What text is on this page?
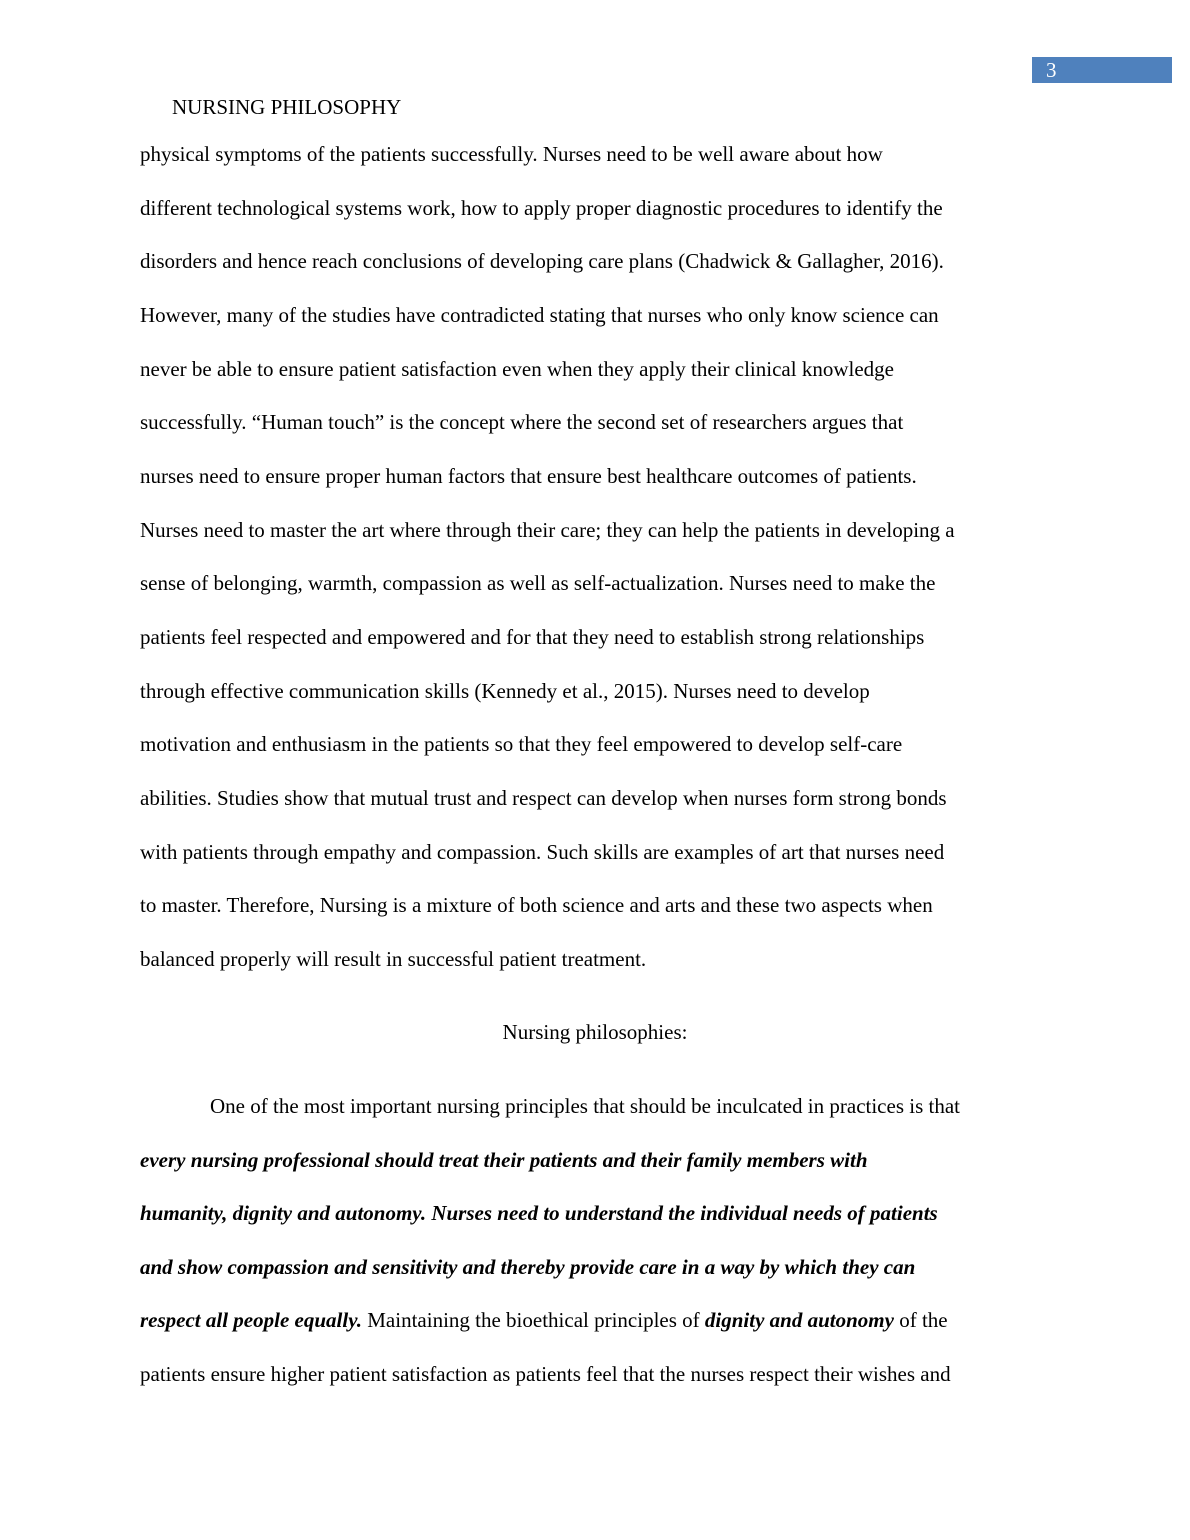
3
NURSING PHILOSOPHY
physical symptoms of the patients successfully. Nurses need to be well aware about how
different technological systems work, how to apply proper diagnostic procedures to identify the
disorders and hence reach conclusions of developing care plans (Chadwick & Gallagher, 2016).
However, many of the studies have contradicted stating that nurses who only know science can
never be able to ensure patient satisfaction even when they apply their clinical knowledge
successfully. “Human touch” is the concept where the second set of researchers argues that
nurses need to ensure proper human factors that ensure best healthcare outcomes of patients.
Nurses need to master the art where through their care; they can help the patients in developing a
sense of belonging, warmth, compassion as well as self-actualization. Nurses need to make the
patients feel respected and empowered and for that they need to establish strong relationships
through effective communication skills (Kennedy et al., 2015). Nurses need to develop
motivation and enthusiasm in the patients so that they feel empowered to develop self-care
abilities. Studies show that mutual trust and respect can develop when nurses form strong bonds
with patients through empathy and compassion. Such skills are examples of art that nurses need
to master. Therefore, Nursing is a mixture of both science and arts and these two aspects when
balanced properly will result in successful patient treatment.
Nursing philosophies:
One of the most important nursing principles that should be inculcated in practices is that
every nursing professional should treat their patients and their family members with
humanity, dignity and autonomy. Nurses need to understand the individual needs of patients
and show compassion and sensitivity and thereby provide care in a way by which they can
respect all people equally. Maintaining the bioethical principles of dignity and autonomy of the
patients ensure higher patient satisfaction as patients feel that the nurses respect their wishes and
